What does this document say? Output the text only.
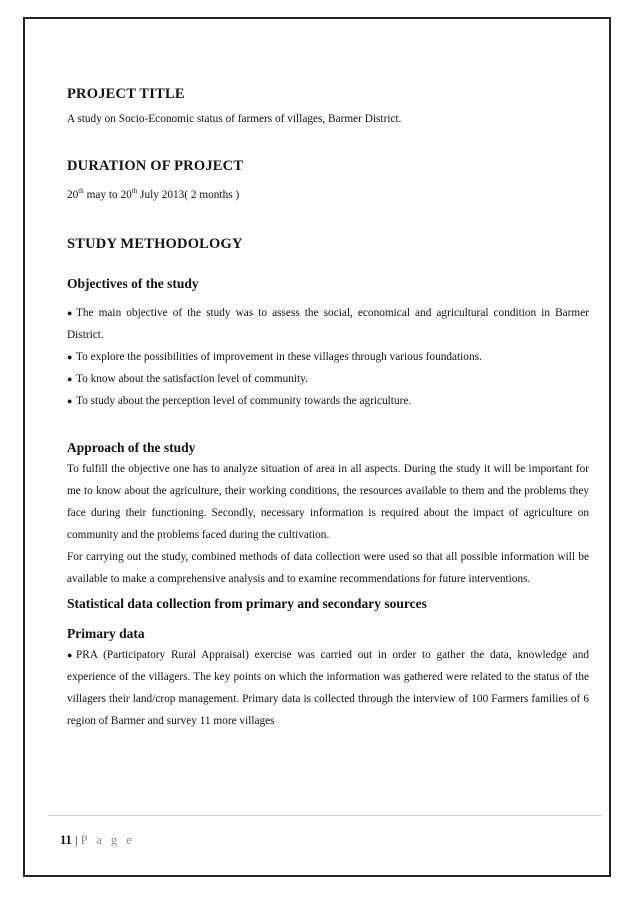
PROJECT TITLE

A study on Socio-Economic status of farmers of villages, Barmer District.

DURATION OF PROJECT

20th may to 20th July 2013( 2 months )

STUDY METHODOLOGY
Objectives of the study
● The main objective of the study was to assess the social, economical and agricultural condition in Barmer District.
● To explore the possibilities of improvement in these villages through various foundations.
● To know about the satisfaction level of community.
● To study about the perception level of community towards the agriculture.
Approach of the study

To fulfill the objective one has to analyze situation of area in all aspects. During the study it will be important for me to know about the agriculture, their working conditions, the resources available to them and the problems they face during their functioning. Secondly, necessary information is required about the impact of agriculture on community and the problems faced during the cultivation.

For carrying out the study, combined methods of data collection were used so that all possible information will be available to make a comprehensive analysis and to examine recommendations for future interventions.

Statistical data collection from primary and secondary sources
Primary data
● PRA (Participatory Rural Appraisal) exercise was carried out in order to gather the data, knowledge and experience of the villagers. The key points on which the information was gathered were related to the status of the villagers their land/crop management. Primary data is collected through the interview of 100 Farmers families of 6 region of Barmer and survey 11 more villages
11 | P a g e
